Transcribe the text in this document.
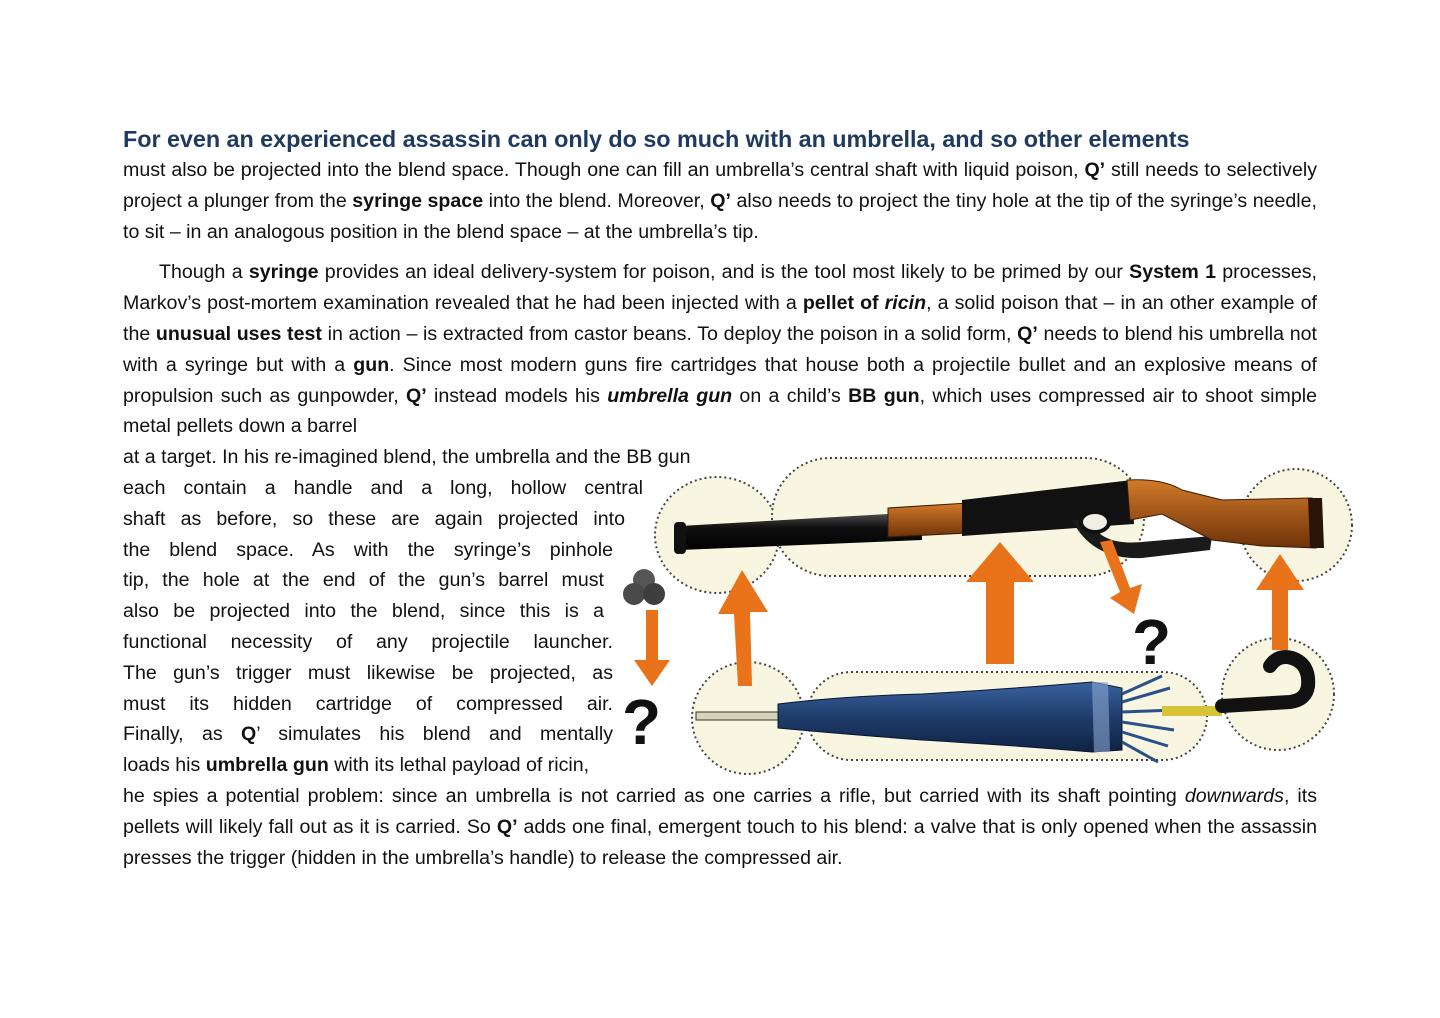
For even an experienced assassin can only do so much with an umbrella, and so other elements

must also be projected into the blend space. Though one can fill an umbrella’s central shaft with liquid poison, Q’ still needs to selectively project a plunger from the syringe space into the blend. Moreover, Q’ also needs to project the tiny hole at the tip of the syringe’s needle, to sit – in an analogous position in the blend space – at the umbrella’s tip.

Though a syringe provides an ideal delivery-system for poison, and is the tool most likely to be primed by our System 1 processes, Markov’s post-mortem examination revealed that he had been injected with a pellet of ricin, a solid poison that – in an other example of the unusual uses test in action – is extracted from castor beans. To deploy the poison in a solid form, Q’ needs to blend his umbrella not with a syringe but with a gun. Since most modern guns fire cartridges that house both a projectile bullet and an explosive means of propulsion such as gunpowder, Q’ instead models his umbrella gun on a child’s BB gun, which uses compressed air to shoot simple metal pellets down a barrel

at a target. In his re-imagined blend, the umbrella and the BB gun
each contain a handle and a long, hollow central
shaft as before, so these are again projected into
the blend space. As with the syringe’s pinhole
tip, the hole at the end of the gun’s barrel must
also be projected into the blend, since this is a
functional necessity of any projectile launcher.
The gun’s trigger must likewise be projected, as
must its hidden cartridge of compressed air.
Finally, as Q’ simulates his blend and mentally
loads his umbrella gun with its lethal payload of ricin,

he spies a potential problem: since an umbrella is not carried as one carries a rifle, but carried with its shaft pointing downwards, its pellets will likely fall out as it is carried. So Q’ adds one final, emergent touch to his blend: a valve that is only opened when the assassin presses the trigger (hidden in the umbrella’s handle) to release the compressed air.

?
?
